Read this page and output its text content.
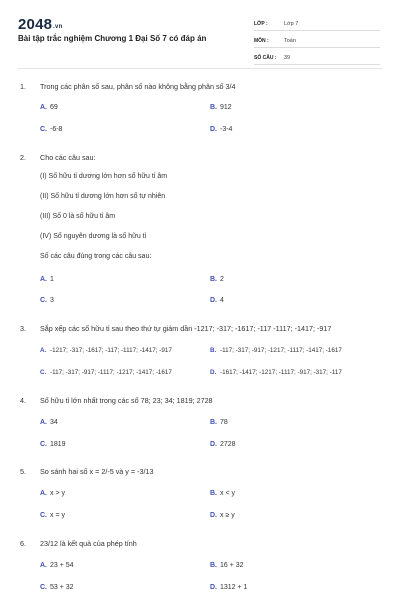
2048.vn
Bài tập trắc nghiệm Chương 1 Đại Số 7 có đáp án
LỚP :	Lớp 7
MÔN :	Toán
SỐ CÂU :	39
1. Trong các phân số sau, phân số nào không bằng phân số 3/4
A. 69	B. 912
C. -6-8	D. -3-4
2. Cho các câu sau:
(I) Số hữu tỉ dương lớn hơn số hữu tỉ âm
(II) Số hữu tỉ dương lớn hơn số tự nhiên
(III) Số 0 là số hữu tỉ âm
(IV) Số nguyên dương là số hữu tỉ
Số các câu đúng trong các câu sau:
A. 1	B. 2
C. 3	D. 4
3. Sắp xếp các số hữu tỉ sau theo thứ tự giảm dần -1217; -317; -1617; -117 -1117; -1417; -917
A. -1217; -317; -1617; -117; -1117; -1417; -917	B. -117; -317; -917; -1217; -1117; -1417; -1617
C. -117; -317; -917; -1117; -1217; -1417; -1617	D. -1617; -1417; -1217; -1117; -917; -317; -117
4. Số hữu tỉ lớn nhất trong các số 78; 23; 34; 1819; 2728
A. 34	B. 78
C. 1819	D. 2728
5. So sánh hai số x = 2/-5 và y = -3/13
A. x > y	B. x < y
C. x = y	D. x ≥ y
6. 23/12 là kết quả của phép tính
A. 23 + 54	B. 16 + 32
C. 53 + 32	D. 1312 + 1
